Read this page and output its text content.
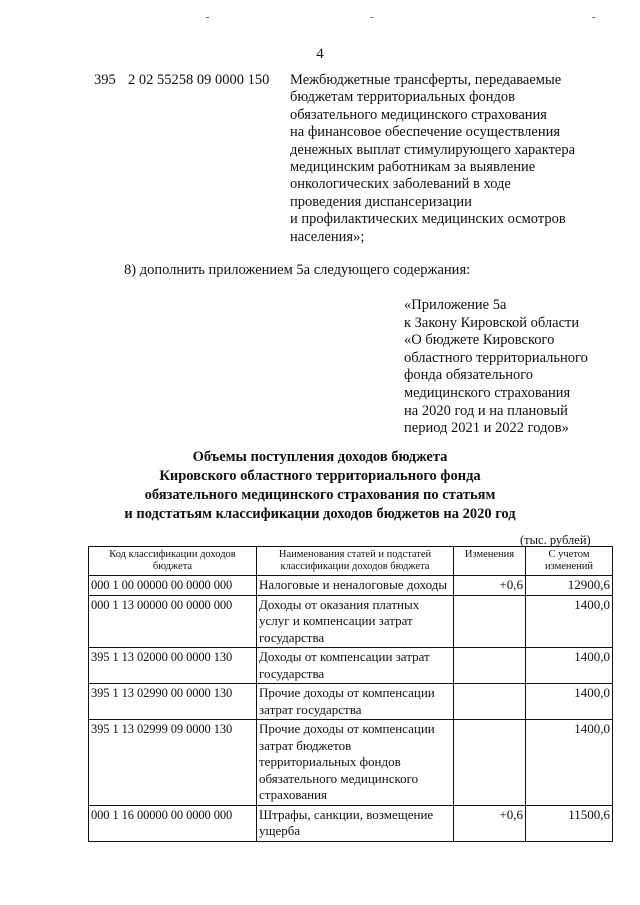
-	-	-
4
395 2 02 55258 09 0000 150 Межбюджетные трансферты, передаваемые
бюджетам территориальных фондов
обязательного медицинского страхования
на финансовое обеспечение осуществления
денежных выплат стимулирующего характера
медицинским работникам за выявление
онкологических заболеваний в ходе
проведения диспансеризации
и профилактических медицинских осмотров
населения»;
8) дополнить приложением 5а следующего содержания:
«Приложение 5а
к Закону Кировской области
«О бюджете Кировского
областного территориального
фонда обязательного
медицинского страхования
на 2020 год и на плановый
период 2021 и 2022 годов»
Объемы поступления доходов бюджета
Кировского областного территориального фонда
обязательного медицинского страхования по статьям
и подстатьям классификации доходов бюджетов на 2020 год
(тыс. рублей)
Код классификации доходов бюджета	Наименования статей и подстатей классификации доходов бюджета	Изменения	С учетом изменений
000 1 00 00000 00 0000 000	Налоговые и неналоговые доходы	+0,6	12900,6
000 1 13 00000 00 0000 000	Доходы от оказания платных услуг и компенсации затрат государства		1400,0
395 1 13 02000 00 0000 130	Доходы от компенсации затрат государства		1400,0
395 1 13 02990 00 0000 130	Прочие доходы от компенсации затрат государства		1400,0
395 1 13 02999 09 0000 130	Прочие доходы от компенсации затрат бюджетов территориальных фондов обязательного медицинского страхования		1400,0
000 1 16 00000 00 0000 000	Штрафы, санкции, возмещение ущерба	+0,6	11500,6
